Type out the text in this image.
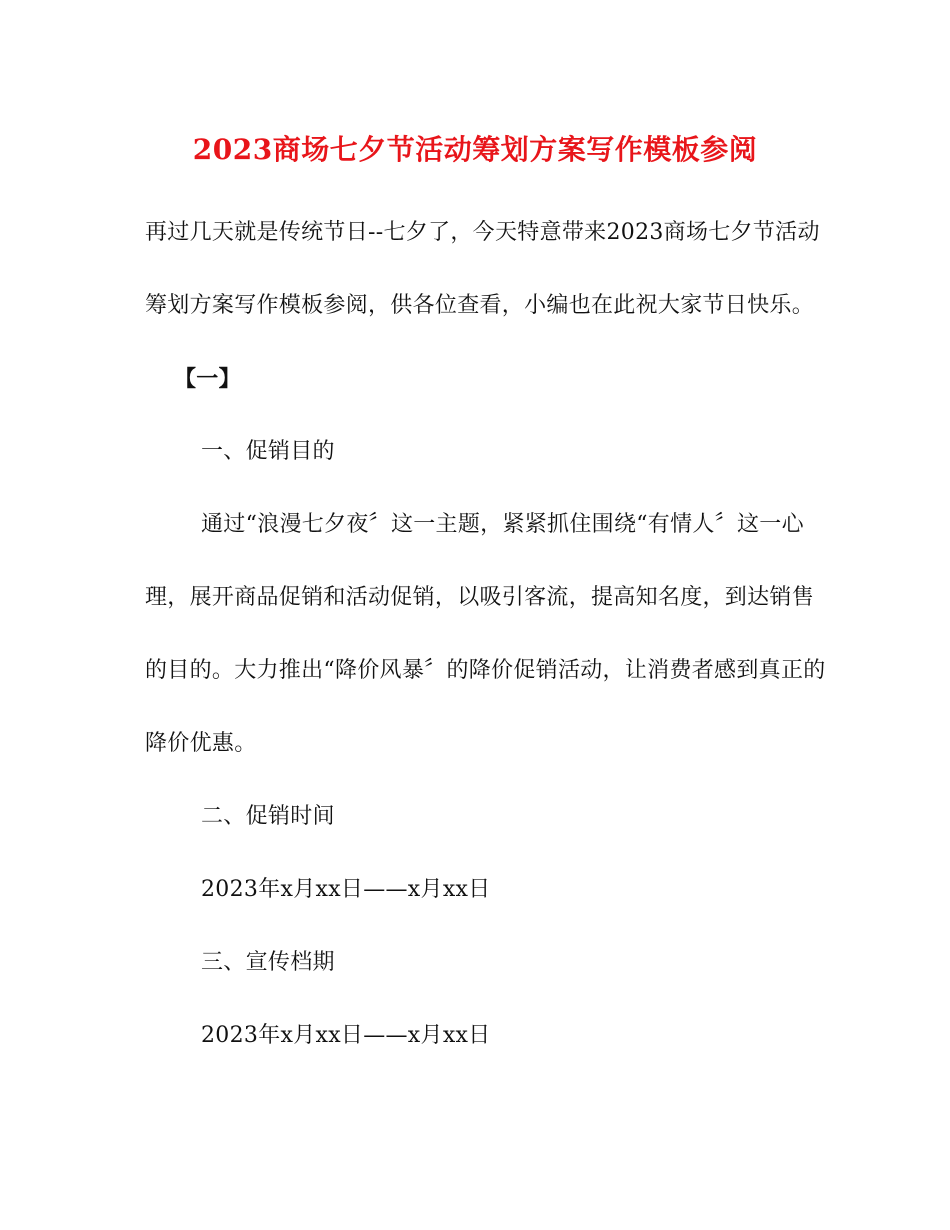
2023商场七夕节活动筹划方案写作模板参阅
再过几天就是传统节日--七夕了，今天特意带来2023商场七夕节活动
筹划方案写作模板参阅，供各位查看，小编也在此祝大家节日快乐。
【一】
一、促销目的
通过“浪漫七夕夜〞这一主题，紧紧抓住围绕“有情人〞这一心
理，展开商品促销和活动促销，以吸引客流，提高知名度，到达销售
的目的。大力推出“降价风暴〞的降价促销活动，让消费者感到真正的
降价优惠。
二、促销时间
2023年x月xx日——x月xx日
三、宣传档期
2023年x月xx日——x月xx日
